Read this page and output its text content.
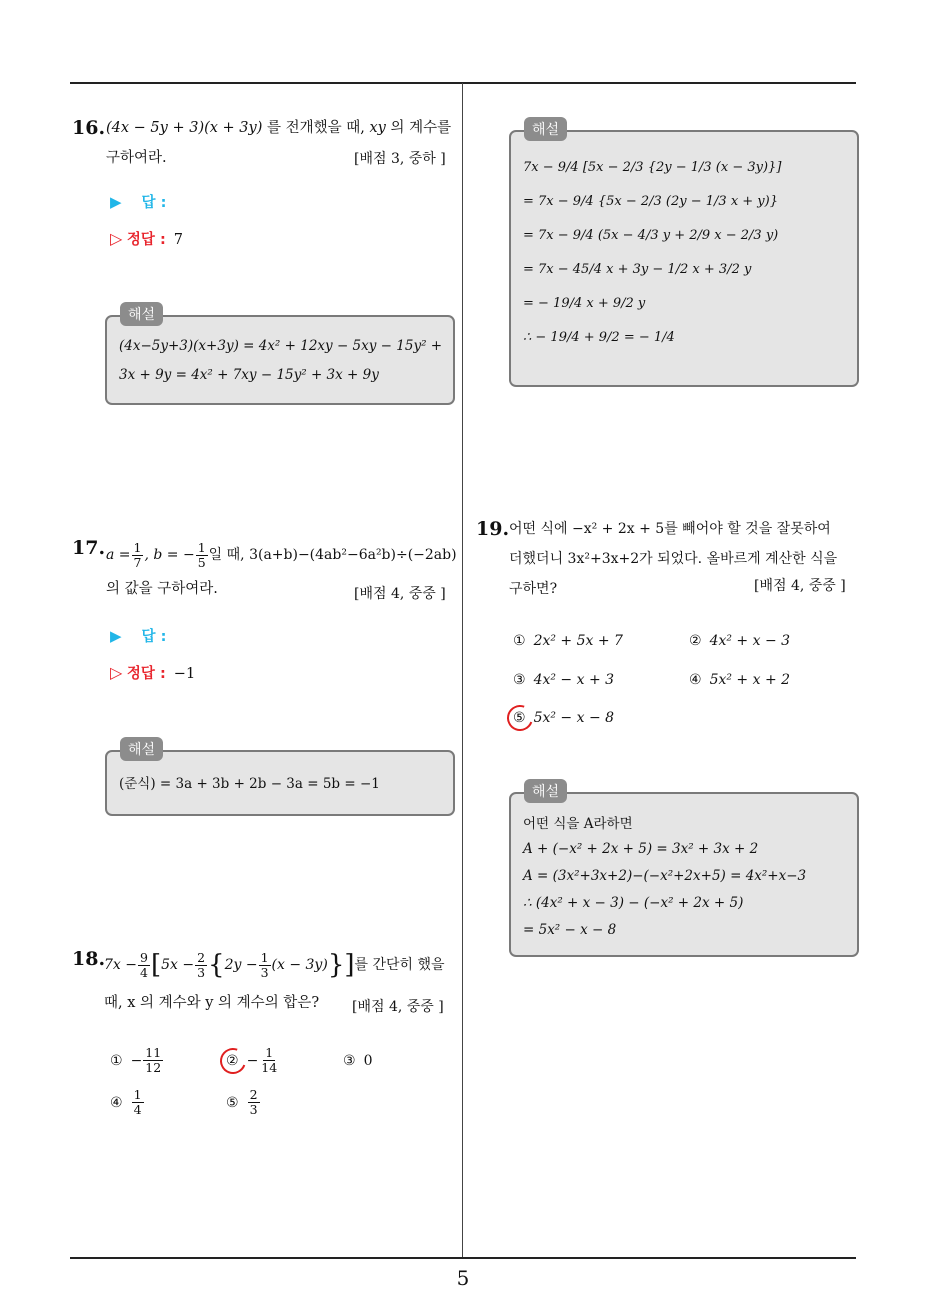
5
16. (4x − 5y + 3)(x + 3y) 를 전개했을 때, xy 의 계수를
구하여라.	[배점 3, 중하 ]
▶ 답 :
▷ 정답 : 7
해설
(4x−5y+3)(x+3y) = 4x² + 12xy − 5xy − 15y² +
3x + 9y = 4x² + 7xy − 15y² + 3x + 9y
17. $a = \frac{1}{7}$ , b = − $\frac{1}{5}$ 일 때, 3(a+b)−(4ab²−6a²b)÷(−2ab)
의 값을 구하여라.	[배점 4, 중중 ]
▶ 답 :
▷ 정답 : −1
해설
(준식) = 3a + 3b + 2b − 3a = 5b = −1
18.
$7x - \frac{9}{4}$ [ $5x - \frac{2}{3}$ { $2y - \frac{1}{3} (x - 3y)$ }] 를 간단히 했을
때, x 의 계수와 y 의 계수의 합은? [배점 4, 중중 ]
① − $\frac{11}{12}$	② − $\frac{1}{14}$	③ 0
④ $\frac{1}{4}$	⑤ $\frac{2}{3}$
해설
7x − 9/4 [5x − 2/3 {2y − 1/3 (x − 3y)}]
= 7x − 9/4 {5x − 2/3 (2y − 1/3 x + y)}
= 7x − 9/4 (5x − 4/3 y + 2/9 x − 2/3 y)
= 7x − 45/4 x + 3y − 1/2 x + 3/2 y
= − 19/4 x + 9/2 y
∴ − 19/4 + 9/2 = − 1/4
19. 어떤 식에 −x² + 2x + 5를 빼어야 할 것을 잘못하여
더했더니 3x²+3x+2가 되었다. 올바르게 계산한 식을
구하면?	[배점 4, 중중 ]
① 2x² + 5x + 7	② 4x² + x − 3
③ 4x² − x + 3	④ 5x² + x + 2
⑤ 5x² − x − 8
해설
어떤 식을 A라하면
A + (−x² + 2x + 5) = 3x² + 3x + 2
A = (3x²+3x+2)−(−x²+2x+5) = 4x²+x−3
∴ (4x² + x − 3) − (−x² + 2x + 5)
= 5x² − x − 8
